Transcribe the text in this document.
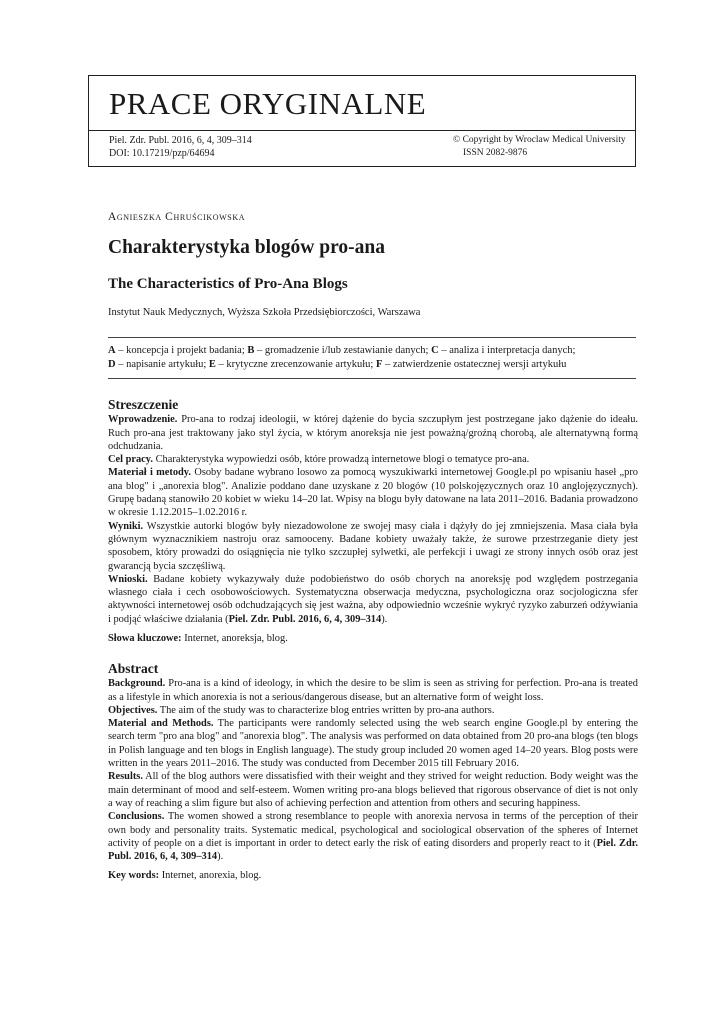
PRACE ORYGINALNE
Piel. Zdr. Publ. 2016, 6, 4, 309–314
DOI: 10.17219/pzp/64694
© Copyright by Wroclaw Medical University
ISSN 2082-9876
Agnieszka Chruścikowska
Charakterystyka blogów pro-ana
The Characteristics of Pro-Ana Blogs
Instytut Nauk Medycznych, Wyższa Szkoła Przedsiębiorczości, Warszawa
A – koncepcja i projekt badania; B – gromadzenie i/lub zestawianie danych; C – analiza i interpretacja danych;
D – napisanie artykułu; E – krytyczne zrecenzowanie artykułu; F – zatwierdzenie ostatecznej wersji artykułu
Streszczenie

Wprowadzenie. Pro-ana to rodzaj ideologii, w której dążenie do bycia szczupłym jest postrzegane jako dążenie do ideału. Ruch pro-ana jest traktowany jako styl życia, w którym anoreksja nie jest poważną/groźną chorobą, ale alternatywną formą odchudzania.

Cel pracy. Charakterystyka wypowiedzi osób, które prowadzą internetowe blogi o tematyce pro-ana.

Materiał i metody. Osoby badane wybrano losowo za pomocą wyszukiwarki internetowej Google.pl po wpisaniu haseł „pro ana blog" i „anorexia blog". Analizie poddano dane uzyskane z 20 blogów (10 polskojęzycznych oraz 10 anglojęzycznych). Grupę badaną stanowiło 20 kobiet w wieku 14–20 lat. Wpisy na blogu były datowane na lata 2011–2016. Badania prowadzono w okresie 1.12.2015–1.02.2016 r.

Wyniki. Wszystkie autorki blogów były niezadowolone ze swojej masy ciała i dążyły do jej zmniejszenia. Masa ciała była głównym wyznacznikiem nastroju oraz samooceny. Badane kobiety uważały także, że surowe przestrzeganie diety jest sposobem, który prowadzi do osiągnięcia nie tylko szczupłej sylwetki, ale perfekcji i uwagi ze strony innych osób oraz jest gwarancją bycia szczęśliwą.

Wnioski. Badane kobiety wykazywały duże podobieństwo do osób chorych na anoreksję pod względem postrzegania własnego ciała i cech osobowościowych. Systematyczna obserwacja medyczna, psychologiczna oraz socjologiczna sfer aktywności internetowej osób odchudzających się jest ważna, aby odpowiednio wcześnie wykryć ryzyko zaburzeń odżywiania i podjąć właściwe działania (Piel. Zdr. Publ. 2016, 6, 4, 309–314).

Słowa kluczowe: Internet, anoreksja, blog.

Abstract

Background. Pro-ana is a kind of ideology, in which the desire to be slim is seen as striving for perfection. Pro-ana is treated as a lifestyle in which anorexia is not a serious/dangerous disease, but an alternative form of weight loss.

Objectives. The aim of the study was to characterize blog entries written by pro-ana authors.

Material and Methods. The participants were randomly selected using the web search engine Google.pl by entering the search term "pro ana blog" and "anorexia blog". The analysis was performed on data obtained from 20 pro-ana blogs (ten blogs in Polish language and ten blogs in English language). The study group included 20 women aged 14–20 years. Blog posts were written in the years 2011–2016. The study was conducted from December 2015 till February 2016.

Results. All of the blog authors were dissatisfied with their weight and they strived for weight reduction. Body weight was the main determinant of mood and self-esteem. Women writing pro-ana blogs believed that rigorous observance of diet is not only a way of reaching a slim figure but also of achieving perfection and attention from others and securing happiness.

Conclusions. The women showed a strong resemblance to people with anorexia nervosa in terms of the perception of their own body and personality traits. Systematic medical, psychological and sociological observation of the spheres of Internet activity of people on a diet is important in order to detect early the risk of eating disorders and properly react to it (Piel. Zdr. Publ. 2016, 6, 4, 309–314).

Key words: Internet, anorexia, blog.
